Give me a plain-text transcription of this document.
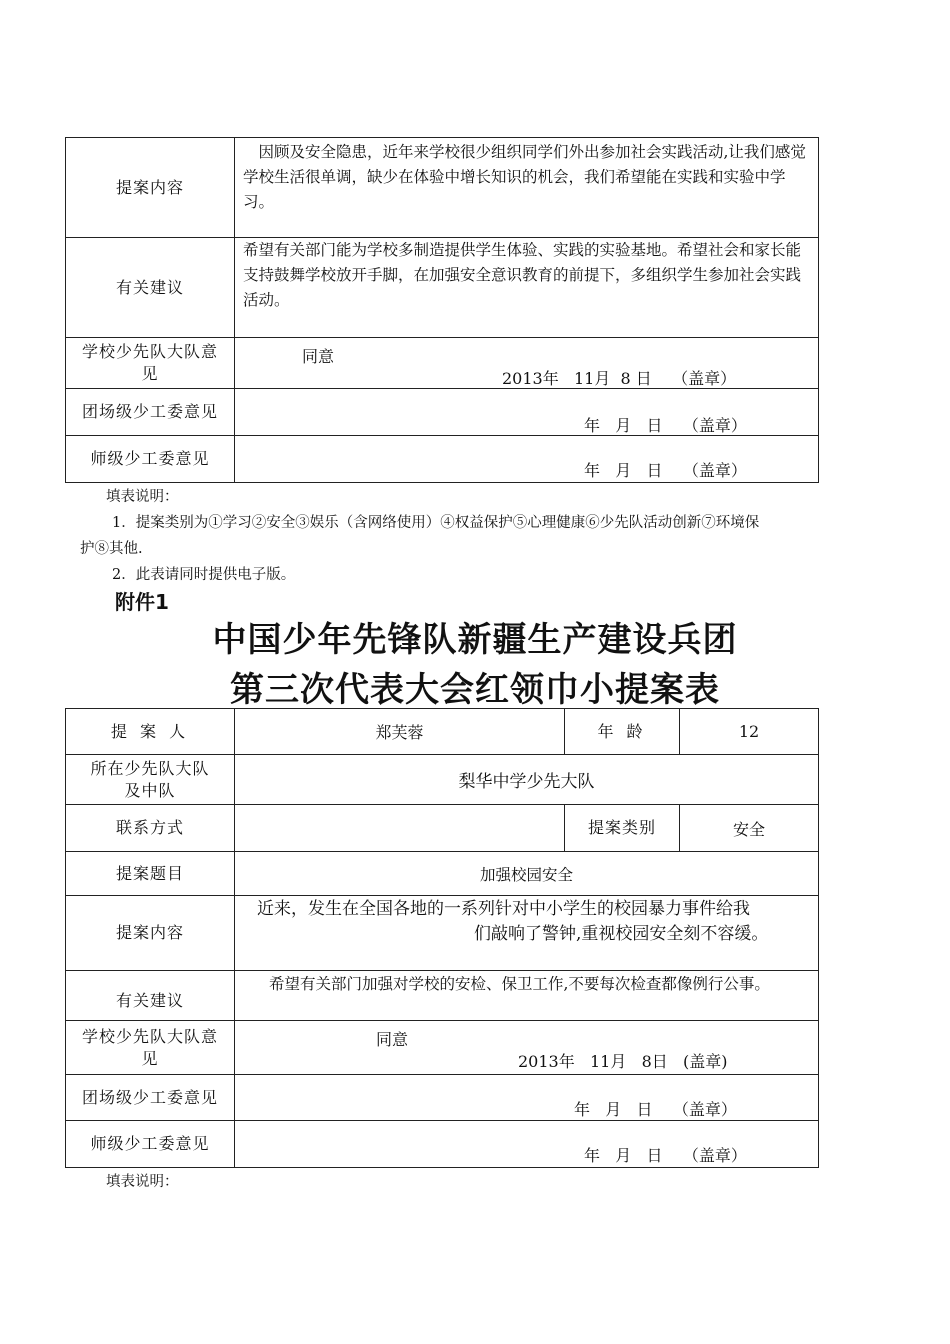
提案内容	因顾及安全隐患，近年来学校很少组织同学们外出参加社会实践活动,让我们感觉学校生活很单调，缺少在体验中增长知识的机会，我们希望能在实践和实验中学习。

有关建议	希望有关部门能为学校多制造提供学生体验、实践的实验基地。希望社会和家长能支持鼓舞学校放开手脚，在加强安全意识教育的前提下，多组织学生参加社会实践活动。

学校少先队大队意见	同意
2013年   11月  8 日    （盖章）

团场级少工委意见	年   月   日    （盖章）

师级少工委意见	年   月   日    （盖章）
填表说明：
1．提案类别为①学习②安全③娱乐（含网络使用）④权益保护⑤心理健康⑥少先队活动创新⑦环境保
护⑧其他.
2．此表请同时提供电子版。
附件1
中国少年先锋队新疆生产建设兵团
第三次代表大会红领巾小提案表
提 案 人	郑芙蓉	年 龄	12
所在少先队大队及中队	梨华中学少先大队		
联系方式		提案类别	安全
提案题目	加强校园安全		
提案内容	近来，发生在全国各地的一系列针对中小学生的校园暴力事件给我
们敲响了警钟,重视校园安全刻不容缓。		

有关建议	希望有关部门加强对学校的安检、保卫工作,不要每次检查都像例行公事。		
学校少先队大队意见	同意
2013年   11月   8日   (盖章)		

团场级少工委意见	年   月   日    （盖章）		

师级少工委意见	年   月   日    （盖章）		
填表说明：
